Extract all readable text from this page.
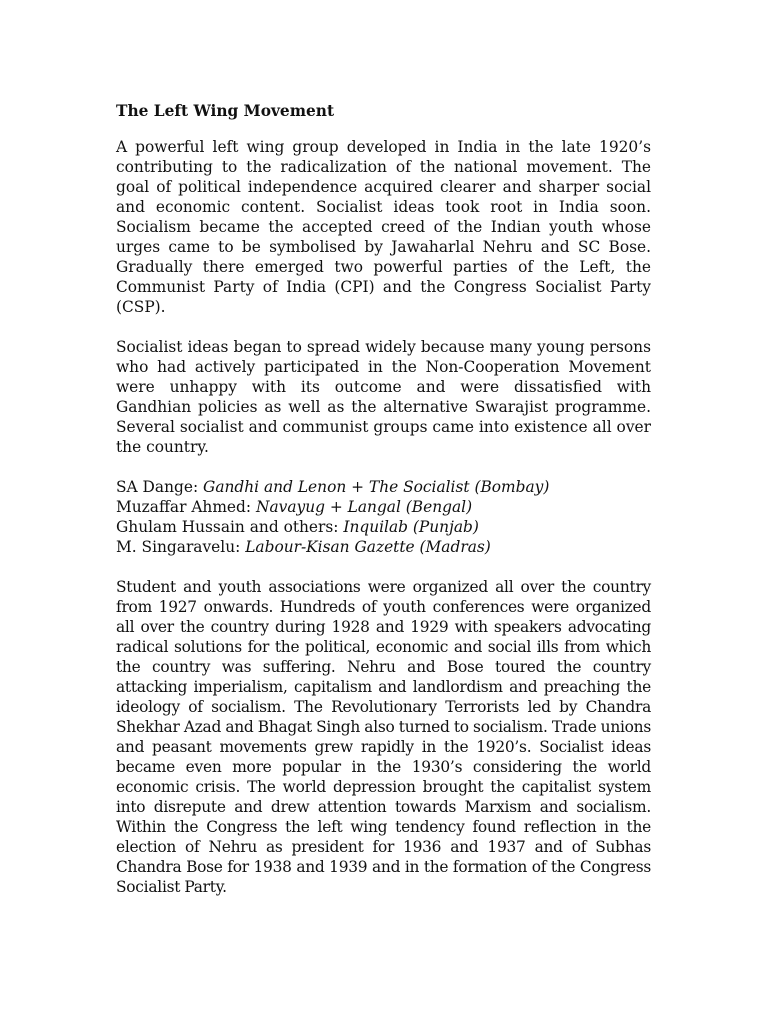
The Left Wing Movement

A powerful left wing group developed in India in the late 1920’s contributing to the radicalization of the national movement. The goal of political independence acquired clearer and sharper social and economic content. Socialist ideas took root in India soon. Socialism became the accepted creed of the Indian youth whose urges came to be symbolised by Jawaharlal Nehru and SC Bose. Gradually there emerged two powerful parties of the Left, the Communist Party of India (CPI) and the Congress Socialist Party (CSP).

Socialist ideas began to spread widely because many young persons who had actively participated in the Non-Cooperation Movement were unhappy with its outcome and were dissatisfied with Gandhian policies as well as the alternative Swarajist programme. Several socialist and communist groups came into existence all over the country.

SA Dange: Gandhi and Lenon + The Socialist (Bombay)
Muzaffar Ahmed: Navayug + Langal (Bengal)
Ghulam Hussain and others: Inquilab (Punjab)
M. Singaravelu: Labour-Kisan Gazette (Madras)

Student and youth associations were organized all over the country from 1927 onwards. Hundreds of youth conferences were organized all over the country during 1928 and 1929 with speakers advocating radical solutions for the political, economic and social ills from which the country was suffering. Nehru and Bose toured the country attacking imperialism, capitalism and landlordism and preaching the ideology of socialism. The Revolutionary Terrorists led by Chandra Shekhar Azad and Bhagat Singh also turned to socialism. Trade unions and peasant movements grew rapidly in the 1920’s. Socialist ideas became even more popular in the 1930’s considering the world economic crisis. The world depression brought the capitalist system into disrepute and drew attention towards Marxism and socialism. Within the Congress the left wing tendency found reflection in the election of Nehru as president for 1936 and 1937 and of Subhas Chandra Bose for 1938 and 1939 and in the formation of the Congress Socialist Party.
